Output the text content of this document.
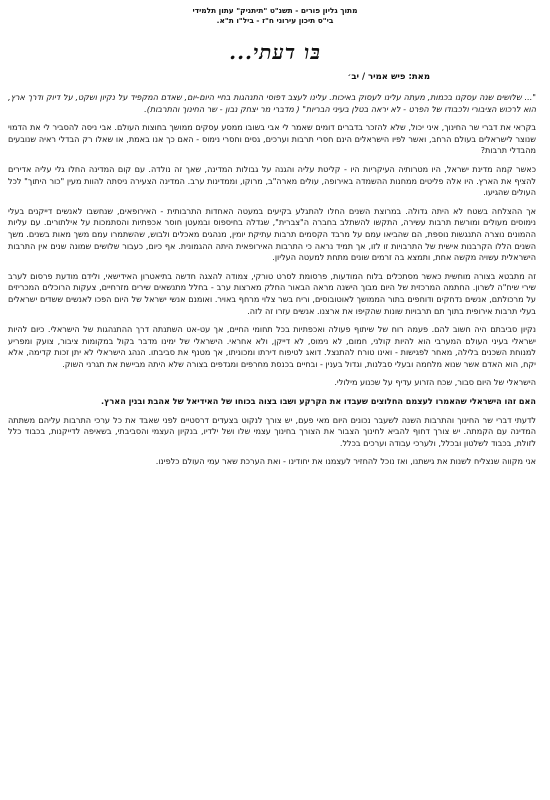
מתוך גליון פורים - תשנ"ט "תיתניק" עתון תלמידי
בי"ס תיכון עירוני ח"ז - ביל"ו ת"א.
בּו דעתי...
מאת: פיש אמיר / יב׳

"... שלושים שנה עסקנו בכמות, מעתה עלינו לעסוק באיכות. עלינו לעצב דפוסי התנהגות בחיי היום-יום, שאדם המקפיד על נקיון ושקט, על דיוק ודרך ארץ, הוא לרכוש הציבורי ולכבודו של הפרט - לא יראה בטלן בעיני הבריות" ( מדברי מר יצחק נבון - שר החינוך והתרבות).

בקראי את דברי שר החינוך, איני יכול, שלא להזכר בדברים דומים שאמר לי אבי בשובו ממסע עסקים ממושך בחוצות העולם. אבי ניסה להסביר לי את הדמוי שנוצר לישראלים בעולם הרחב, ואשר לפיו הישראלים הינם חסרי תרבות וערכים, גסים וחסרי נימוס - האם כך אנו באמת, או שאלו רק הבדלי ראיה שנובעים מהבדלי תרבות?

כאשר קמה מדינת ישראל, היו מטרותיה העיקריות היו - קליטת עליה והגנה על גבולות המדינה, שאך זה נולדה. עם קום המדינה החלו גלי עליה אדירים להציף את הארץ. היו אלה פליטים ממחנות ההשמדה באירופה, עולים מארה"ב, מרוקו, וממדינות ערב. המדינה הצעירה ניסתה להוות מעין "כור היתוך" לכל העולים שהגיעו.

אך ההצלחה בשטח לא היתה גדולה. במרוצת השנים החלו להתגלע בקיעים במעטה האחדות התרבותית - האירופאים, שנחשבו לאנשים דייקנים בעלי נימוסים מעולים ומורשת תרבות עשירה, התקשו להשתלב בחברה ה"צברית", שגדלה בחיספוס ובמעטן חוסר אכפתיות והסתמכות על אילתורים. עם עליות ההמונים נוצרה התנגשות נוספת, הם שהביאו עמם על מרבד הקסמים תרבות עתיקת יומין, מנהגים מאכלים ולבוש, שהשתמרו עמם משך מאות בשנים. משך השנים הללו הקרבנות אישית של התרבויות זו לזו, אך תמיד נראה כי התרבות האירופאית היתה ההגמונית. אף כיום, כעבור שלושים שמונה שנים אין התרבות הישראלית עשויה מקשה אחת, ותמצא בה זרמים שונים מתחת למעטה העליון.

זה מתבטא בצורה מוחשית כאשר מסתכלים בלוח המודעות, פרסומת לסרט טורקי, צמודה להצגה חדשה בתיאטרון האידישאי, ולידם מודעת פרסום לערב שירי שיח"ה לשרון. החתמה המרכזית של היום מבוך הישנה מראה הבאור החלק מארצות ערב - בחלל מתנשאים שירים מזרחיים, צעקות הרוכלים המכריזים על מרכולתם, אנשים נדחקים ודוחפים בתור הממושך לאוטובוסים, וריח בשר צלוי מרחף באויר. ואומנם אנשי ישראל של היום הפכו לאנשים ששדים ישראלים בעלי תרבות אירופית בתוך תם תרבויות שונות שהקיפו את ארצנו. אנשים עזרו זה לזה.

נקיון סביבתם היה חשוב להם. פעמה רוח של שיתוף פעולה ואכפתיות בכל תחומי החיים, אך עט-אט השתנתה דרך ההתנהגות של הישראלי. כיום להיות ישראלי בעיני העולם המערבי הוא להיות קולני, חמום, לא נימוס, לא דייקן, ולא אחראי. הישראלי של ימינו מדבר בקול במקומות ציבור, צועק ומפריע למנוחת השכנים בלילה, מאחר לפגישות - ואינו טורח להתנצל. דואג לטיפוח דירתו ומכוניתו, אך מטנף את סביבתו. הנהג הישראלי לא יתן זכות קדימה, אלא יקח, הוא האדם אשר שנוא מלחמה ובעלי סבלנות, וגדול בענין - ובחיים בכנסת מחרפים ומגדפים בצורה שלא היתה מביישת את תגרני השוק.

הישראלי של היום סבור, שכח הזרוע עדיף על שכנוע מילולי.

האם זהו הישראלי שהאמרו לעצמם החלוצים שעבדו את הקרקע ושבו בצוה בכוחו של האידיאל של אהבת ובנין הארץ.

לדעתי דברי שר החינוך והתרבות השנה לשעבר נכונים היום מאי פעם, יש צורך לנקוט בצעדים דרסטיים לפני שאבד את כל ערכי התרבות עליהם משתתה המדינה עם הקמתה. יש צורך דחוף להביא לחינוך הצבור את הצורך בחינוך עצמי שלו ושל ילדיו, בנקיון העצמי והסביבתי, בשאיפה לדייקנות, בכבוד כלל לזולת, בכבוד לשלטון ובכלל, ולערכי עבודה וערכים בכלל.

אני מקווה שנצליח לשנות את גישתנו, ואז נוכל להחזיר לעצמנו את יחודינו - ואת הערכת שאר עמי העולם כלפינו.
